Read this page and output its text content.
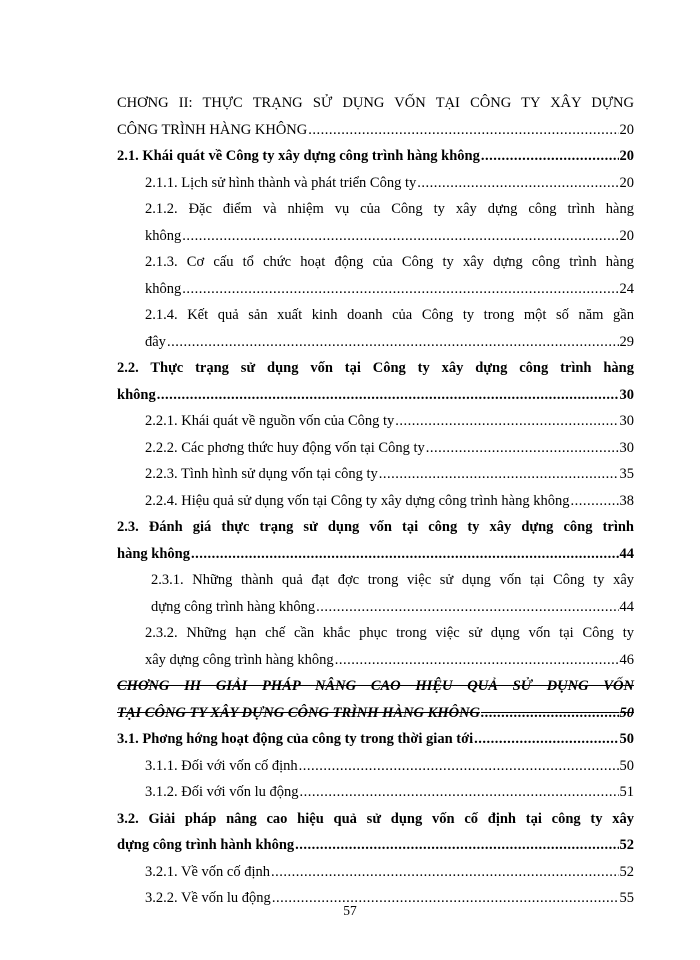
CHƠNG II: THỰC TRẠNG SỬ DỤNG VỐN TẠI CÔNG TY XÂY DỰNG
CÔNG TRÌNH HÀNG KHÔNG .....	20
2.1. Khái quát về Công ty xây dựng công trình hàng không .....	20
2.1.1. Lịch sử hình thành và phát triển Công ty .....	20
2.1.2. Đặc điểm và nhiệm vụ của Công ty xây dựng công trình hàng
không .....	20
2.1.3. Cơ cấu tổ chức hoạt động của Công ty xây dựng công trình hàng
không .....	24
2.1.4. Kết quả sản xuất kinh doanh của Công ty trong một số năm gần
đây .....	29
2.2. Thực trạng sử dụng vốn tại Công ty xây dựng công trình hàng
không .....	30
2.2.1. Khái quát về nguồn vốn của Công ty .....	30
2.2.2. Các phơng thức huy động vốn tại Công ty .....	30
2.2.3. Tình hình sử dụng vốn tại công ty .....	35
2.2.4. Hiệu quả sử dụng vốn tại Công ty xây dựng công trình hàng không .....	38
2.3. Đánh giá thực trạng sử dụng vốn tại công ty xây dựng công trình
hàng không .....	44
2.3.1. Những thành quả đạt đợc trong việc sử dụng vốn tại Công ty xây
dựng công trình hàng không .....	44
2.3.2. Những hạn chế cần khắc phục trong việc sử dụng vốn tại Công ty
xây dựng công trình hàng không .....	46
CHƠNG III GIẢI PHÁP NÂNG CAO HIỆU QUẢ SỬ DỤNG VỐN
TẠI CÔNG TY XÂY DỰNG CÔNG TRÌNH HÀNG KHÔNG .....	50
3.1. Phơng hớng hoạt động của công ty trong thời gian tới .....	50
3.1.1. Đối với vốn cố định .....	50
3.1.2. Đối với vốn lu động .....	51
3.2. Giải pháp nâng cao hiệu quả sử dụng vốn cố định tại công ty xây
dựng công trình hành không .....	52
3.2.1. Về vốn cố định .....	52
3.2.2. Về vốn lu động .....	55
57
